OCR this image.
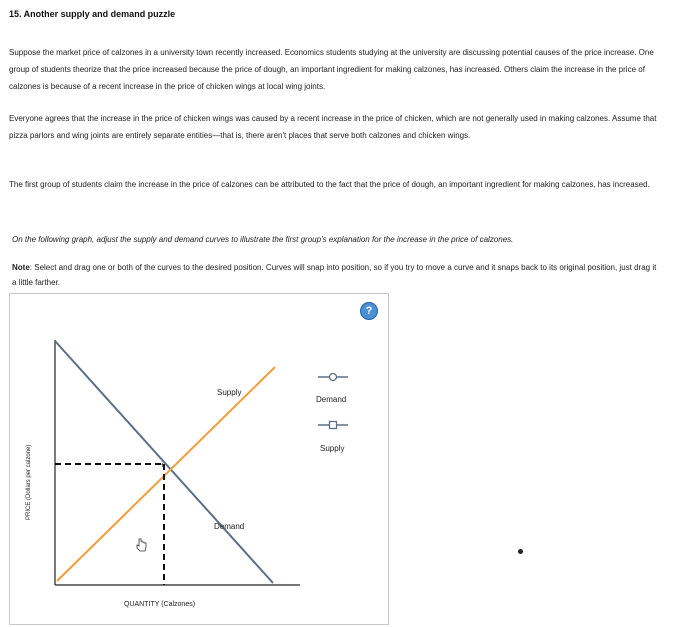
15. Another supply and demand puzzle
Suppose the market price of calzones in a university town recently increased. Economics students studying at the university are discussing potential causes of the price increase. One group of students theorize that the price increased because the price of dough, an important ingredient for making calzones, has increased. Others claim the increase in the price of calzones is because of a recent increase in the price of chicken wings at local wing joints.
Everyone agrees that the increase in the price of chicken wings was caused by a recent increase in the price of chicken, which are not generally used in making calzones. Assume that pizza parlors and wing joints are entirely separate entities—that is, there aren't places that serve both calzones and chicken wings.
The first group of students claim the increase in the price of calzones can be attributed to the fact that the price of dough, an important ingredient for making calzones, has increased.
On the following graph, adjust the supply and demand curves to illustrate the first group's explanation for the increase in the price of calzones.
Note: Select and drag one or both of the curves to the desired position. Curves will snap into position, so if you try to move a curve and it snaps back to its original position, just drag it a little farther.
?
+
Supply
Demand
QUANTITY (Calzones)
PRICE (Dollars per calzone)
Demand
Supply
